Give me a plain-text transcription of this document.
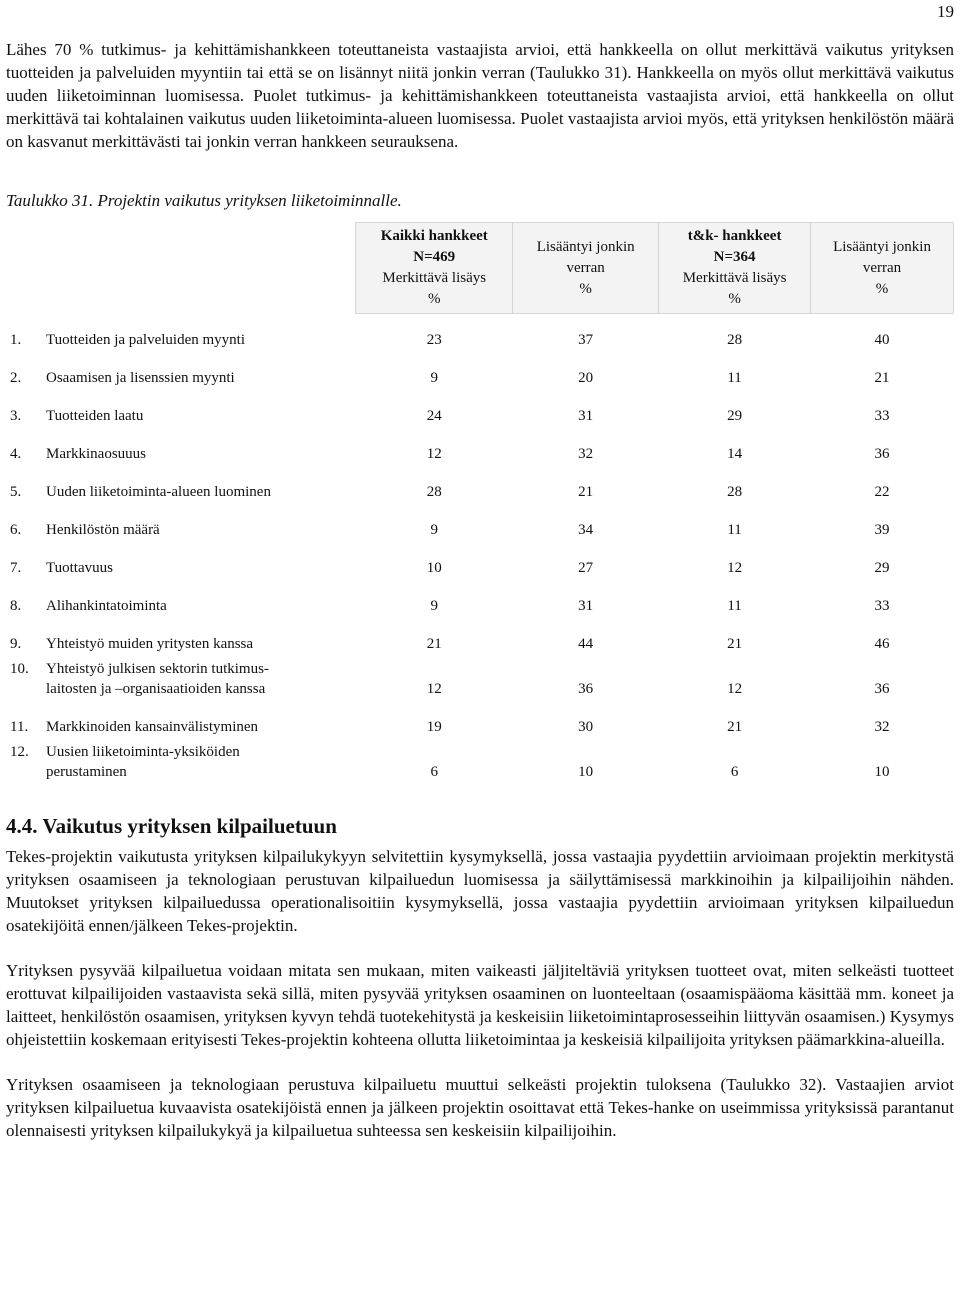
19

Lähes 70 % tutkimus- ja kehittämishankkeen toteuttaneista vastaajista arvioi, että hankkeella on ollut merkittävä vaikutus yrityksen tuotteiden ja palveluiden myyntiin tai että se on lisännyt niitä jonkin verran (Taulukko 31). Hankkeella on myös ollut merkittävä vaikutus uuden liiketoiminnan luomisessa. Puolet tutkimus- ja kehittämishankkeen toteuttaneista vastaajista arvioi, että hankkeella on ollut merkittävä tai kohtalainen vaikutus uuden liiketoiminta-alueen luomisessa. Puolet vastaajista arvioi myös, että yrityksen henkilöstön määrä on kasvanut merkittävästi tai jonkin verran hankkeen seurauksena.

Taulukko 31. Projektin vaikutus yrityksen liiketoiminnalle.

	Kaikki hankkeet
N=469
Merkittävä lisäys
%	Lisääntyi jonkin
verran
%	t&k- hankkeet
N=364
Merkittävä lisäys
%	Lisääntyi jonkin
verran
%

1. Tuotteiden ja palveluiden myynti	23	37	28	40
2. Osaamisen ja lisenssien myynti	9	20	11	21
3. Tuotteiden laatu	24	31	29	33
4. Markkinaosuuus	12	32	14	36
5. Uuden liiketoiminta-alueen luominen	28	21	28	22
6. Henkilöstön määrä	9	34	11	39
7. Tuottavuus	10	27	12	29
8. Alihankintatoiminta	9	31	11	33
9. Yhteistyö muiden yritysten kanssa	21	44	21	46

10. Yhteistyö julkisen sektorin tutkimus-
laitosten ja –organisaatioiden kanssa	12	36	12	36
11. Markkinoiden kansainvälistyminen	19	30	21	32

12. Uusien liiketoiminta-yksiköiden
perustaminen	6	10	6	10
4.4. Vaikutus yrityksen kilpailuetuun

Tekes-projektin vaikutusta yrityksen kilpailukykyyn selvitettiin kysymyksellä, jossa vastaajia pyydettiin arvioimaan projektin merkitystä yrityksen osaamiseen ja teknologiaan perustuvan kilpailuedun luomisessa ja säilyttämisessä markkinoihin ja kilpailijoihin nähden. Muutokset yrityksen kilpailuedussa operationalisoitiin kysymyksellä, jossa vastaajia pyydettiin arvioimaan yrityksen kilpailuedun osatekijöitä ennen/jälkeen Tekes-projektin.

Yrityksen pysyvää kilpailuetua voidaan mitata sen mukaan, miten vaikeasti jäljiteltäviä yrityksen tuotteet ovat, miten selkeästi tuotteet erottuvat kilpailijoiden vastaavista sekä sillä, miten pysyvää yrityksen osaaminen on luonteeltaan (osaamispääoma käsittää mm. koneet ja laitteet, henkilöstön osaamisen, yrityksen kyvyn tehdä tuotekehitystä ja keskeisiin liiketoimintaprosesseihin liittyvän osaamisen.) Kysymys ohjeistettiin koskemaan erityisesti Tekes-projektin kohteena ollutta liiketoimintaa ja keskeisiä kilpailijoita yrityksen päämarkkina-alueilla.

Yrityksen osaamiseen ja teknologiaan perustuva kilpailuetu muuttui selkeästi projektin tuloksena (Taulukko 32). Vastaajien arviot yrityksen kilpailuetua kuvaavista osatekijöistä ennen ja jälkeen projektin osoittavat että Tekes-hanke on useimmissa yrityksissä parantanut olennaisesti yrityksen kilpailukykyä ja kilpailuetua suhteessa sen keskeisiin kilpailijoihin.
